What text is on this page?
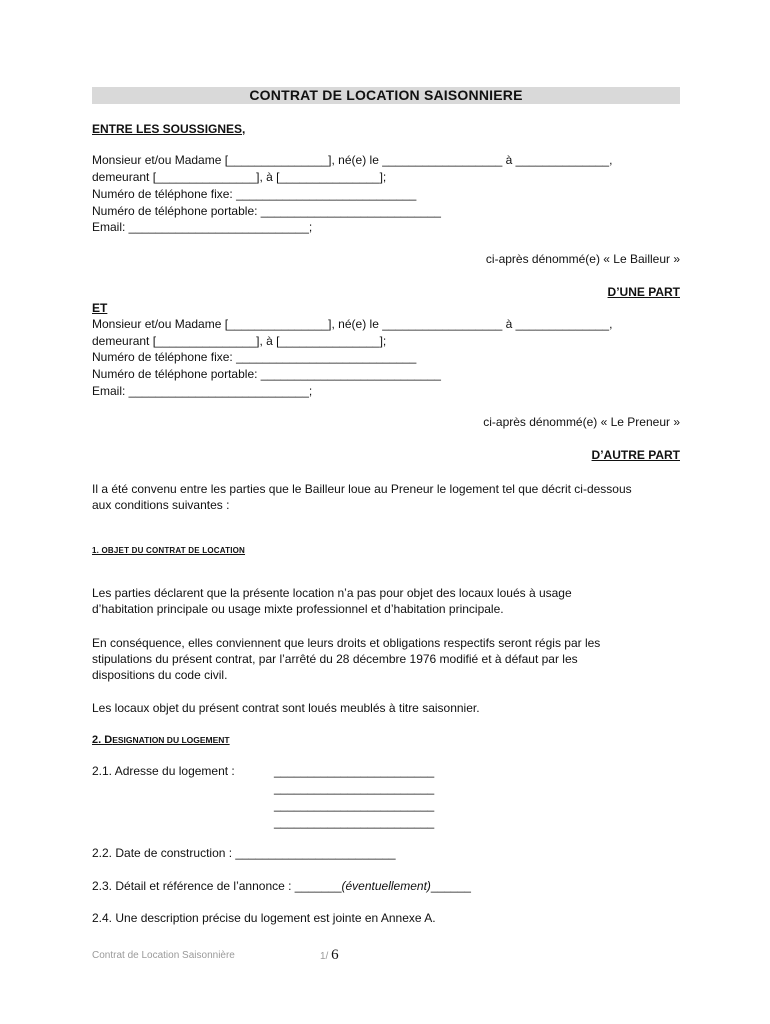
CONTRAT DE LOCATION SAISONNIERE
ENTRE LES SOUSSIGNES,
Monsieur et/ou Madame [_______________], né(e) le __________________ à ______________,
demeurant [_______________], à [_______________];
Numéro de téléphone fixe: ___________________________
Numéro de téléphone portable: ___________________________
Email: ___________________________;
ci-après dénommé(e) « Le Bailleur »
D’UNE PART
ET
Monsieur et/ou Madame [_______________], né(e) le __________________ à ______________,
demeurant [_______________], à [_______________];
Numéro de téléphone fixe: ___________________________
Numéro de téléphone portable: ___________________________
Email: ___________________________;
ci-après dénommé(e) « Le Preneur »
D’AUTRE PART
Il a été convenu entre les parties que le Bailleur loue au Preneur le logement tel que décrit ci-dessous
aux conditions suivantes :
1. OBJET DU CONTRAT DE LOCATION
Les parties déclarent que la présente location n’a pas pour objet des locaux loués à usage
d’habitation principale ou usage mixte professionnel et d’habitation principale.
En conséquence, elles conviennent que leurs droits et obligations respectifs seront régis par les
stipulations du présent contrat, par l’arrêté du 28 décembre 1976 modifié et à défaut par les
dispositions du code civil.
Les locaux objet du présent contrat sont loués meublés à titre saisonnier.
2. DESIGNATION DU LOGEMENT
2.1. Adresse du logement :	________________________
________________________
________________________
________________________
2.2. Date de construction : ________________________
2.3. Détail et référence de l’annonce : _______(éventuellement)______
2.4. Une description précise du logement est jointe en Annexe A.
Contrat de Location Saisonnière	1/ 6
